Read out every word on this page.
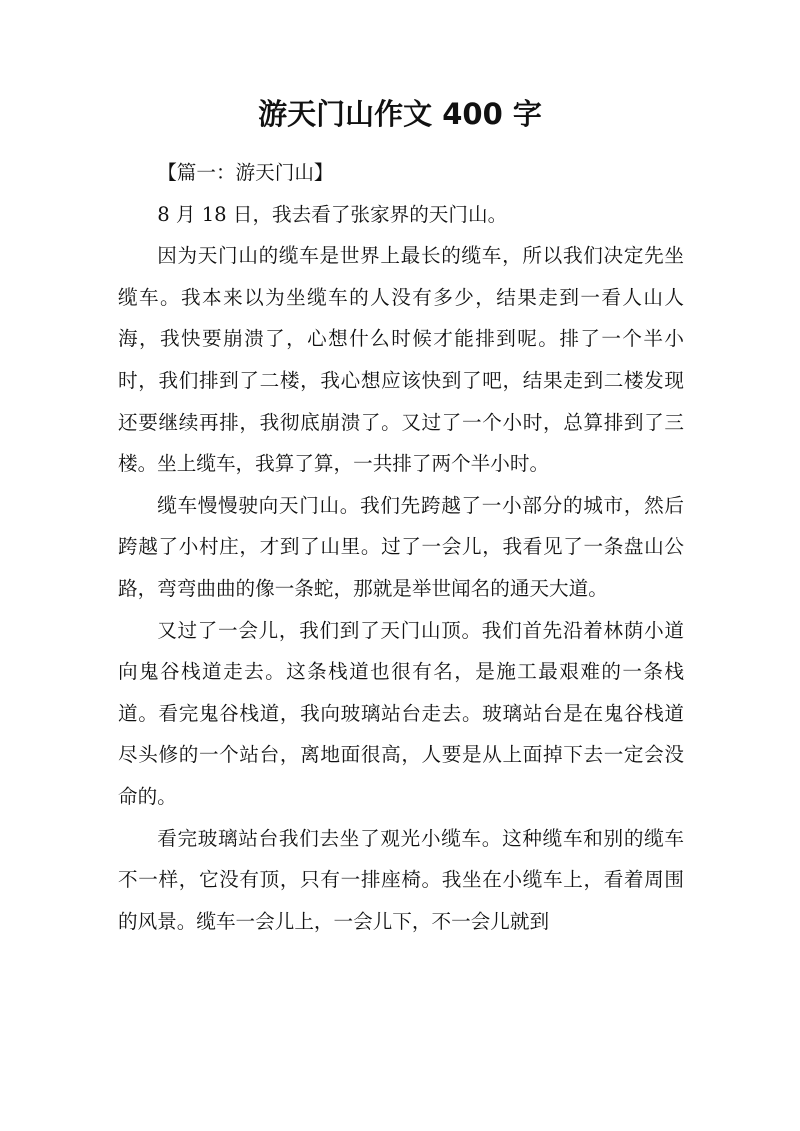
游天门山作文 400 字

【篇一：游天门山】

8 月 18 日，我去看了张家界的天门山。

因为天门山的缆车是世界上最长的缆车，所以我们决定先坐缆车。我本来以为坐缆车的人没有多少，结果走到一看人山人海，我快要崩溃了，心想什么时候才能排到呢。排了一个半小时，我们排到了二楼，我心想应该快到了吧，结果走到二楼发现还要继续再排，我彻底崩溃了。又过了一个小时，总算排到了三楼。坐上缆车，我算了算，一共排了两个半小时。

缆车慢慢驶向天门山。我们先跨越了一小部分的城市，然后跨越了小村庄，才到了山里。过了一会儿，我看见了一条盘山公路，弯弯曲曲的像一条蛇，那就是举世闻名的通天大道。

又过了一会儿，我们到了天门山顶。我们首先沿着林荫小道向鬼谷栈道走去。这条栈道也很有名，是施工最艰难的一条栈道。看完鬼谷栈道，我向玻璃站台走去。玻璃站台是在鬼谷栈道尽头修的一个站台，离地面很高，人要是从上面掉下去一定会没命的。

看完玻璃站台我们去坐了观光小缆车。这种缆车和别的缆车不一样，它没有顶，只有一排座椅。我坐在小缆车上，看着周围的风景。缆车一会儿上，一会儿下，不一会儿就到
